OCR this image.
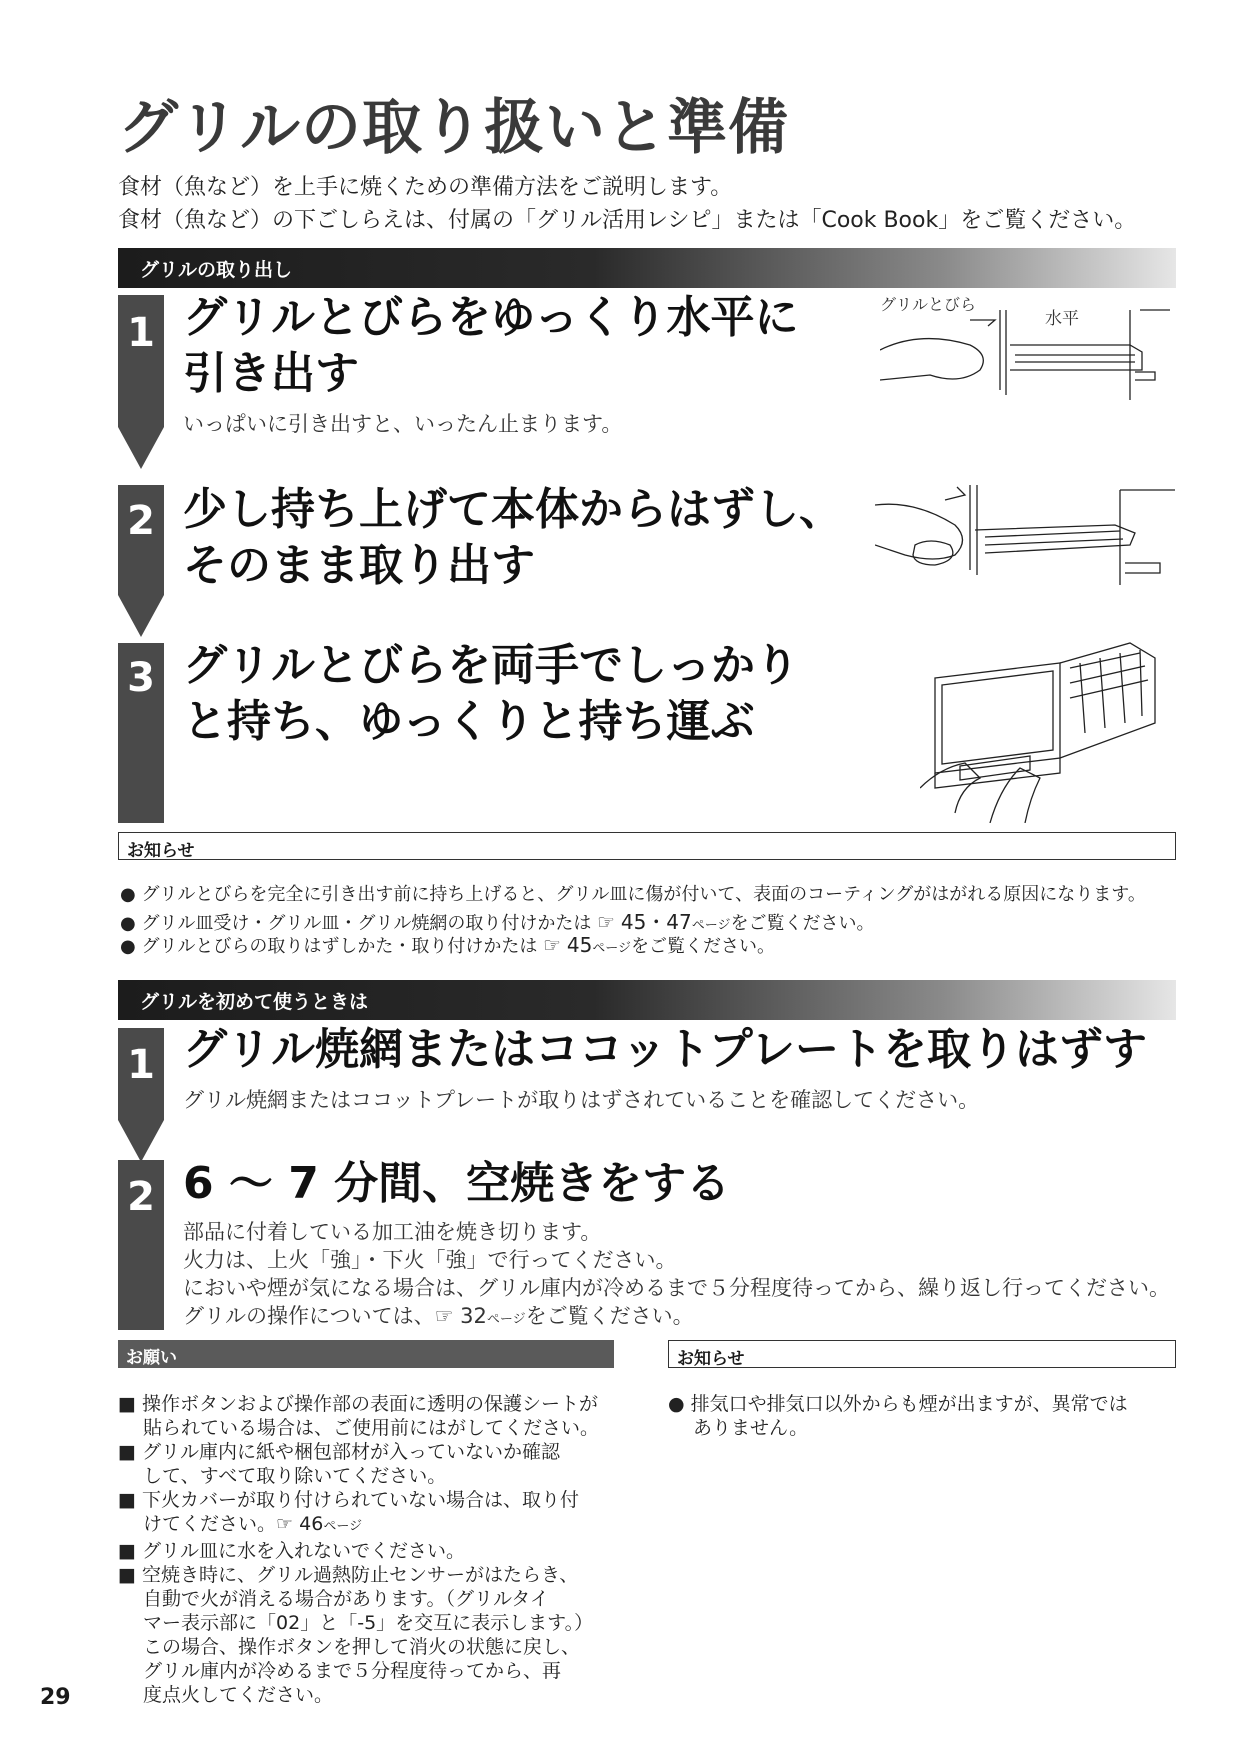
グリルの取り扱いと準備
食材（魚など）を上手に焼くための準備方法をご説明します。
食材（魚など）の下ごしらえは、付属の「グリル活用レシピ」または「Cook Book」をご覧ください。
グリルの取り出し
1
2
3
グリルとびらをゆっくり水平に
引き出す
いっぱいに引き出すと、いったん止まります。
少し持ち上げて本体からはずし、
そのまま取り出す
グリルとびらを両手でしっかり
と持ち、ゆっくりと持ち運ぶ
グリルとびら
水平
お知らせ
● グリルとびらを完全に引き出す前に持ち上げると、グリル皿に傷が付いて、表面のコーティングがはがれる原因になります。
● グリル皿受け・グリル皿・グリル焼網の取り付けかたは ☞ 45・47ページをご覧ください。
● グリルとびらの取りはずしかた・取り付けかたは ☞ 45ページをご覧ください。
グリルを初めて使うときは
1 グリル焼網またはココットプレートを取りはずす
グリル焼網またはココットプレートが取りはずされていることを確認してください。
2 6 ～ 7 分間、空焼きをする
部品に付着している加工油を焼き切ります。
火力は、上火「強」・下火「強」で行ってください。
においや煙が気になる場合は、グリル庫内が冷めるまで５分程度待ってから、繰り返し行ってください。
グリルの操作については、☞ 32ページをご覧ください。
お願い
■ 操作ボタンおよび操作部の表面に透明の保護シートが
　 貼られている場合は、ご使用前にはがしてください。
■ グリル庫内に紙や梱包部材が入っていないか確認
　 して、すべて取り除いてください。
■ 下火カバーが取り付けられていない場合は、取り付
　 けてください。☞ 46ページ
■ グリル皿に水を入れないでください。
■ 空焼き時に、グリル過熱防止センサーがはたらき、
　 自動で火が消える場合があります。（グリルタイ
　 マー表示部に「02」と「-5」を交互に表示します。）
　 この場合、操作ボタンを押して消火の状態に戻し、
　 グリル庫内が冷めるまで５分程度待ってから、再
　 度点火してください。
お知らせ
● 排気口や排気口以外からも煙が出ますが、異常では
　 ありません。
29
